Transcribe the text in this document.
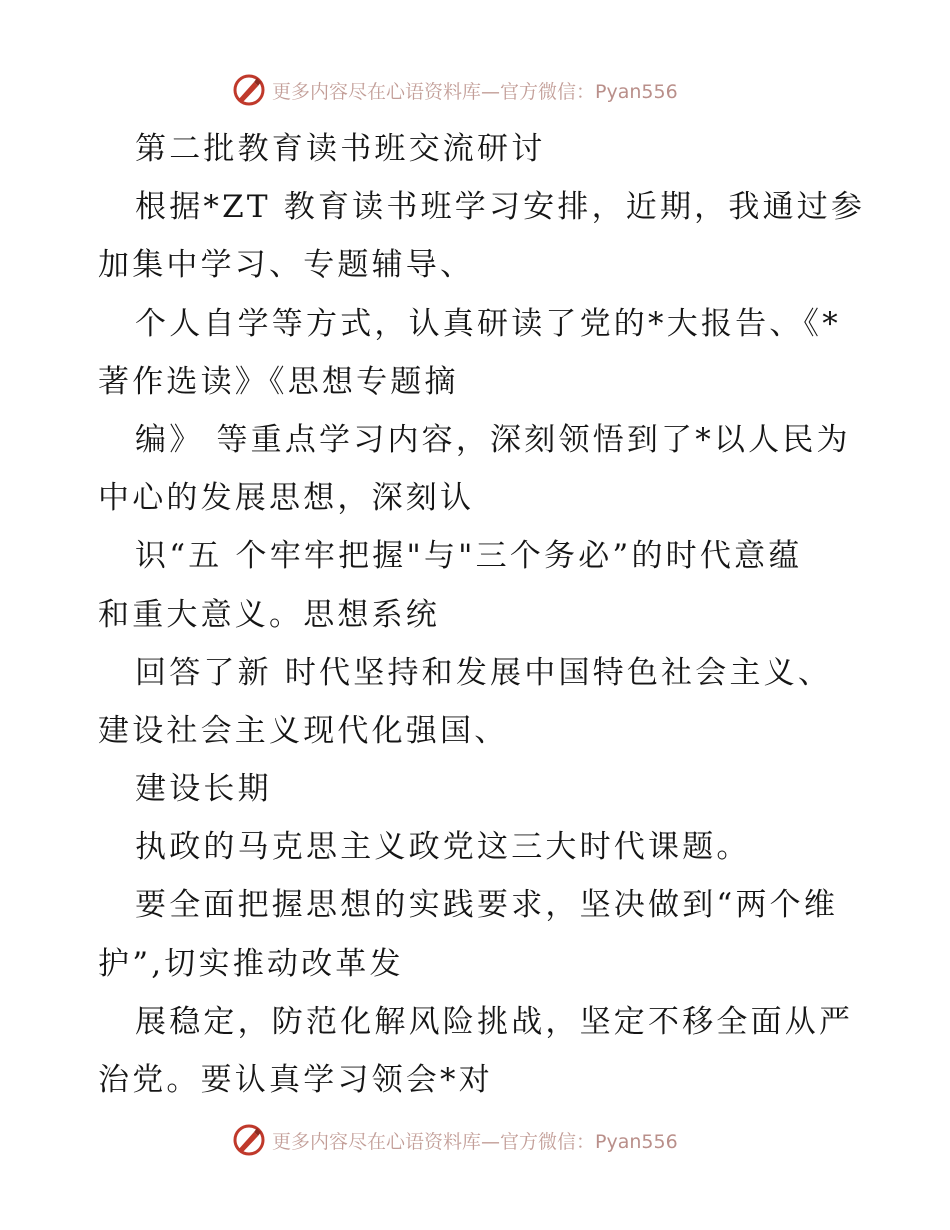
更多内容尽在心语资料库—官方微信：Pyan556
第二批教育读书班交流研讨
根据*ZT 教育读书班学习安排，近期，我通过参
加集中学习、专题辅导、
个人自学等方式，认真研读了党的*大报告、《*
著作选读》《思想专题摘
编》 等重点学习内容，深刻领悟到了*以人民为
中心的发展思想，深刻认
识“五 个牢牢把握"与"三个务必”的时代意蕴
和重大意义。思想系统
回答了新 时代坚持和发展中国特色社会主义、
建设社会主义现代化强国、
建设长期
执政的马克思主义政党这三大时代课题。
要全面把握思想的实践要求，坚决做到“两个维
护”,切实推动改革发
展稳定，防范化解风险挑战，坚定不移全面从严
治党。要认真学习领会*对
更多内容尽在心语资料库—官方微信：Pyan556
